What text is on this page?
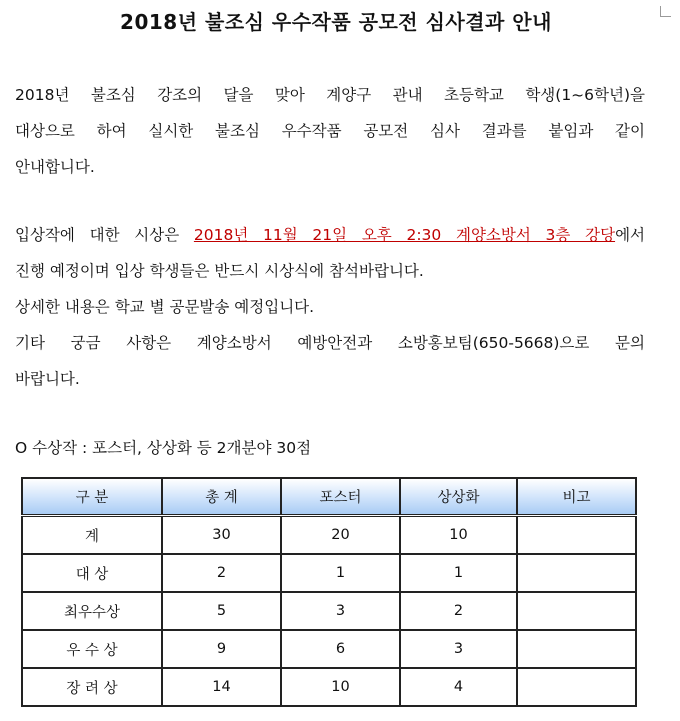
2018년 불조심 우수작품 공모전 심사결과 안내
2018년 불조심 강조의 달을 맞아 계양구 관내 초등학교 학생(1~6학년)을
대상으로 하여 실시한 불조심 우수작품 공모전 심사 결과를 붙임과 같이
안내합니다.
입상작에 대한 시상은 2018년 11월 21일 오후 2:30 계양소방서 3층 강당에서
진행 예정이며 입상 학생들은 반드시 시상식에 참석바랍니다.
상세한 내용은 학교 별 공문발송 예정입니다.
기타 궁금 사항은 계양소방서 예방안전과 소방홍보팀(650-5668)으로 문의
바랍니다.
O 수상작 : 포스터, 상상화 등 2개분야 30점
구 분	총 계	포스터	상상화	비고
계	30	20	10	
대 상	2	1	1	
최우수상	5	3	2	
우 수 상	9	6	3	
장 려 상	14	10	4	
